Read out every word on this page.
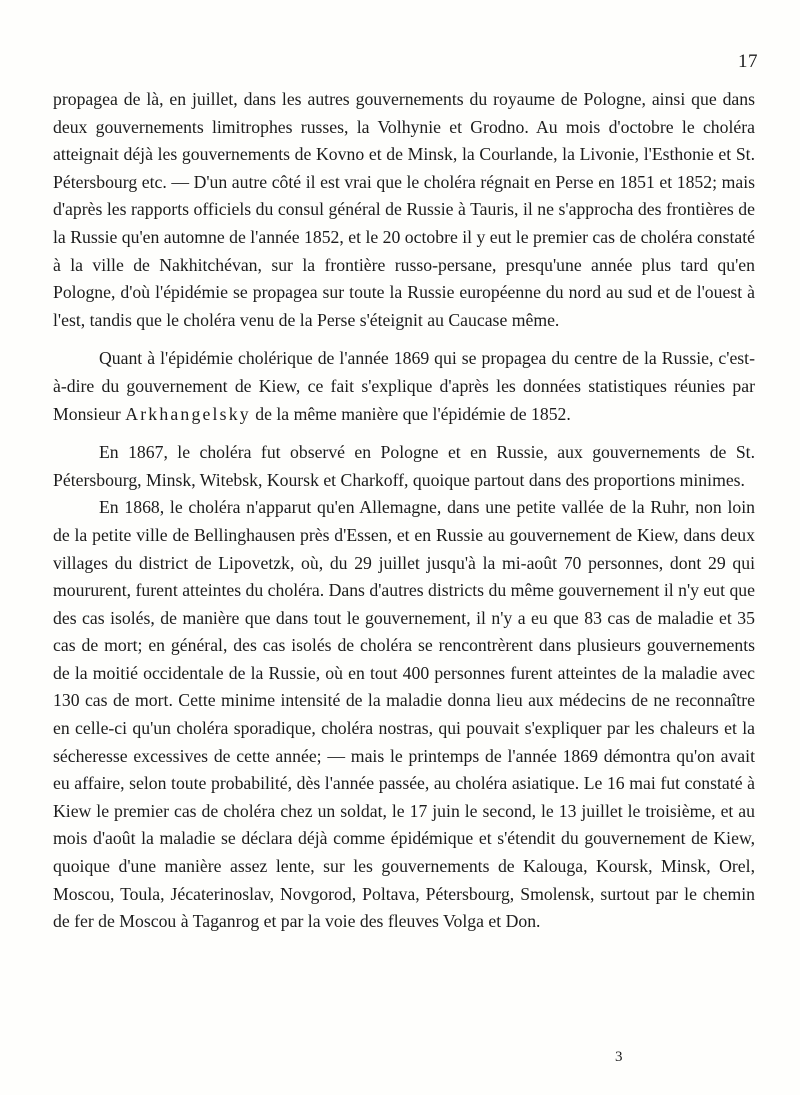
17

propagea de là, en juillet, dans les autres gouvernements du royaume de Pologne, ainsi que dans deux gouvernements limitrophes russes, la Volhynie et Grodno. Au mois d'octobre le choléra atteignait déjà les gouvernements de Kovno et de Minsk, la Courlande, la Livonie, l'Esthonie et St. Pétersbourg etc. — D'un autre côté il est vrai que le choléra régnait en Perse en 1851 et 1852; mais d'après les rapports officiels du consul général de Russie à Tauris, il ne s'approcha des frontières de la Russie qu'en automne de l'année 1852, et le 20 octobre il y eut le premier cas de choléra constaté à la ville de Nakhitchévan, sur la frontière russo-persane, presqu'une année plus tard qu'en Pologne, d'où l'épidémie se propagea sur toute la Russie européenne du nord au sud et de l'ouest à l'est, tandis que le choléra venu de la Perse s'éteignit au Caucase même.

Quant à l'épidémie cholérique de l'année 1869 qui se propagea du centre de la Russie, c'est-à-dire du gouvernement de Kiew, ce fait s'explique d'après les données statistiques réunies par Monsieur Arkhangelsky de la même manière que l'épidémie de 1852.

En 1867, le choléra fut observé en Pologne et en Russie, aux gouvernements de St. Pétersbourg, Minsk, Witebsk, Koursk et Charkoff, quoique partout dans des proportions minimes.

En 1868, le choléra n'apparut qu'en Allemagne, dans une petite vallée de la Ruhr, non loin de la petite ville de Bellinghausen près d'Essen, et en Russie au gouvernement de Kiew, dans deux villages du district de Lipovetzk, où, du 29 juillet jusqu'à la mi-août 70 personnes, dont 29 qui moururent, furent atteintes du choléra. Dans d'autres districts du même gouvernement il n'y eut que des cas isolés, de manière que dans tout le gouvernement, il n'y a eu que 83 cas de maladie et 35 cas de mort; en général, des cas isolés de choléra se rencontrèrent dans plusieurs gouvernements de la moitié occidentale de la Russie, où en tout 400 personnes furent atteintes de la maladie avec 130 cas de mort. Cette minime intensité de la maladie donna lieu aux médecins de ne reconnaître en celle-ci qu'un choléra sporadique, choléra nostras, qui pouvait s'expliquer par les chaleurs et la sécheresse excessives de cette année; — mais le printemps de l'année 1869 démontra qu'on avait eu affaire, selon toute probabilité, dès l'année passée, au choléra asiatique. Le 16 mai fut constaté à Kiew le premier cas de choléra chez un soldat, le 17 juin le second, le 13 juillet le troisième, et au mois d'août la maladie se déclara déjà comme épidémique et s'étendit du gouvernement de Kiew, quoique d'une manière assez lente, sur les gouvernements de Kalouga, Koursk, Minsk, Orel, Moscou, Toula, Jécaterinoslav, Novgorod, Poltava, Pétersbourg, Smolensk, surtout par le chemin de fer de Moscou à Taganrog et par la voie des fleuves Volga et Don.

3
